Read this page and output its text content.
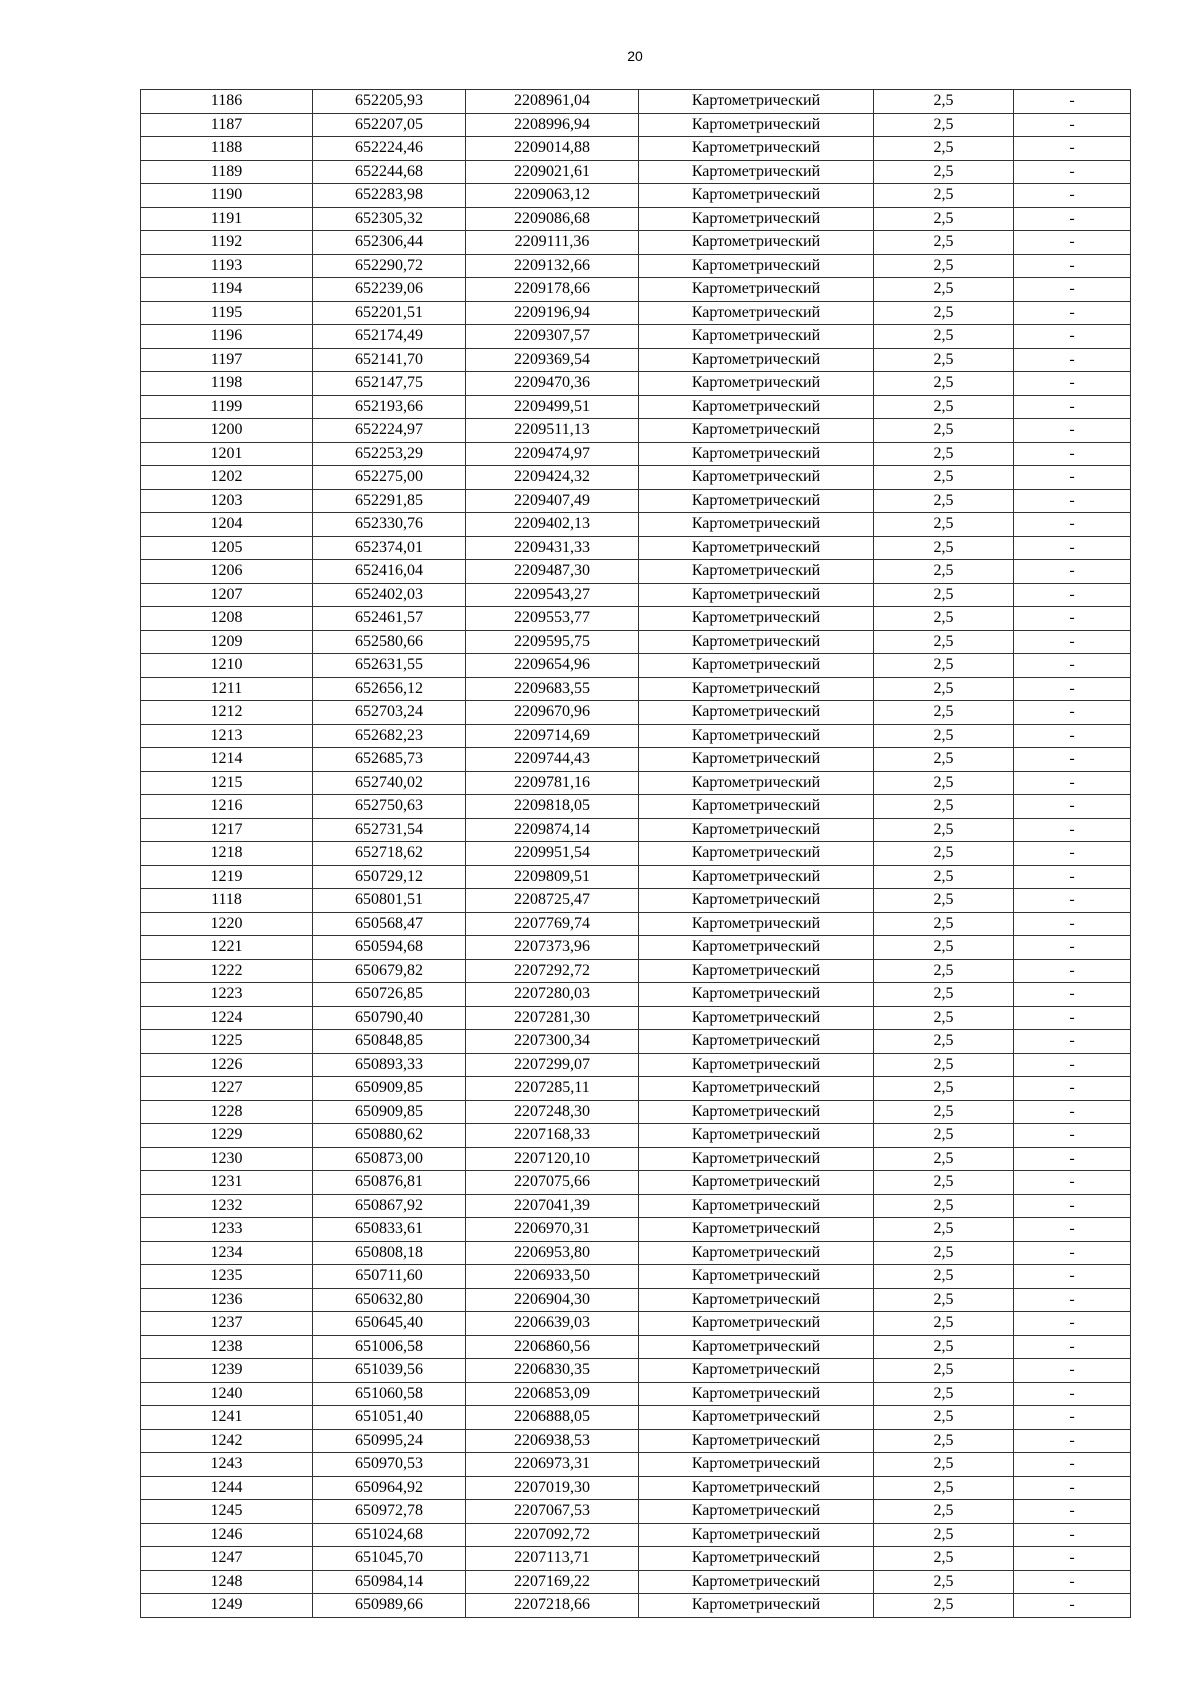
20
1186	652205,93	2208961,04	Картометрический	2,5	-
1187	652207,05	2208996,94	Картометрический	2,5	-
1188	652224,46	2209014,88	Картометрический	2,5	-
1189	652244,68	2209021,61	Картометрический	2,5	-
1190	652283,98	2209063,12	Картометрический	2,5	-
1191	652305,32	2209086,68	Картометрический	2,5	-
1192	652306,44	2209111,36	Картометрический	2,5	-
1193	652290,72	2209132,66	Картометрический	2,5	-
1194	652239,06	2209178,66	Картометрический	2,5	-
1195	652201,51	2209196,94	Картометрический	2,5	-
1196	652174,49	2209307,57	Картометрический	2,5	-
1197	652141,70	2209369,54	Картометрический	2,5	-
1198	652147,75	2209470,36	Картометрический	2,5	-
1199	652193,66	2209499,51	Картометрический	2,5	-
1200	652224,97	2209511,13	Картометрический	2,5	-
1201	652253,29	2209474,97	Картометрический	2,5	-
1202	652275,00	2209424,32	Картометрический	2,5	-
1203	652291,85	2209407,49	Картометрический	2,5	-
1204	652330,76	2209402,13	Картометрический	2,5	-
1205	652374,01	2209431,33	Картометрический	2,5	-
1206	652416,04	2209487,30	Картометрический	2,5	-
1207	652402,03	2209543,27	Картометрический	2,5	-
1208	652461,57	2209553,77	Картометрический	2,5	-
1209	652580,66	2209595,75	Картометрический	2,5	-
1210	652631,55	2209654,96	Картометрический	2,5	-
1211	652656,12	2209683,55	Картометрический	2,5	-
1212	652703,24	2209670,96	Картометрический	2,5	-
1213	652682,23	2209714,69	Картометрический	2,5	-
1214	652685,73	2209744,43	Картометрический	2,5	-
1215	652740,02	2209781,16	Картометрический	2,5	-
1216	652750,63	2209818,05	Картометрический	2,5	-
1217	652731,54	2209874,14	Картометрический	2,5	-
1218	652718,62	2209951,54	Картометрический	2,5	-
1219	650729,12	2209809,51	Картометрический	2,5	-
1118	650801,51	2208725,47	Картометрический	2,5	-
1220	650568,47	2207769,74	Картометрический	2,5	-
1221	650594,68	2207373,96	Картометрический	2,5	-
1222	650679,82	2207292,72	Картометрический	2,5	-
1223	650726,85	2207280,03	Картометрический	2,5	-
1224	650790,40	2207281,30	Картометрический	2,5	-
1225	650848,85	2207300,34	Картометрический	2,5	-
1226	650893,33	2207299,07	Картометрический	2,5	-
1227	650909,85	2207285,11	Картометрический	2,5	-
1228	650909,85	2207248,30	Картометрический	2,5	-
1229	650880,62	2207168,33	Картометрический	2,5	-
1230	650873,00	2207120,10	Картометрический	2,5	-
1231	650876,81	2207075,66	Картометрический	2,5	-
1232	650867,92	2207041,39	Картометрический	2,5	-
1233	650833,61	2206970,31	Картометрический	2,5	-
1234	650808,18	2206953,80	Картометрический	2,5	-
1235	650711,60	2206933,50	Картометрический	2,5	-
1236	650632,80	2206904,30	Картометрический	2,5	-
1237	650645,40	2206639,03	Картометрический	2,5	-
1238	651006,58	2206860,56	Картометрический	2,5	-
1239	651039,56	2206830,35	Картометрический	2,5	-
1240	651060,58	2206853,09	Картометрический	2,5	-
1241	651051,40	2206888,05	Картометрический	2,5	-
1242	650995,24	2206938,53	Картометрический	2,5	-
1243	650970,53	2206973,31	Картометрический	2,5	-
1244	650964,92	2207019,30	Картометрический	2,5	-
1245	650972,78	2207067,53	Картометрический	2,5	-
1246	651024,68	2207092,72	Картометрический	2,5	-
1247	651045,70	2207113,71	Картометрический	2,5	-
1248	650984,14	2207169,22	Картометрический	2,5	-
1249	650989,66	2207218,66	Картометрический	2,5	-
